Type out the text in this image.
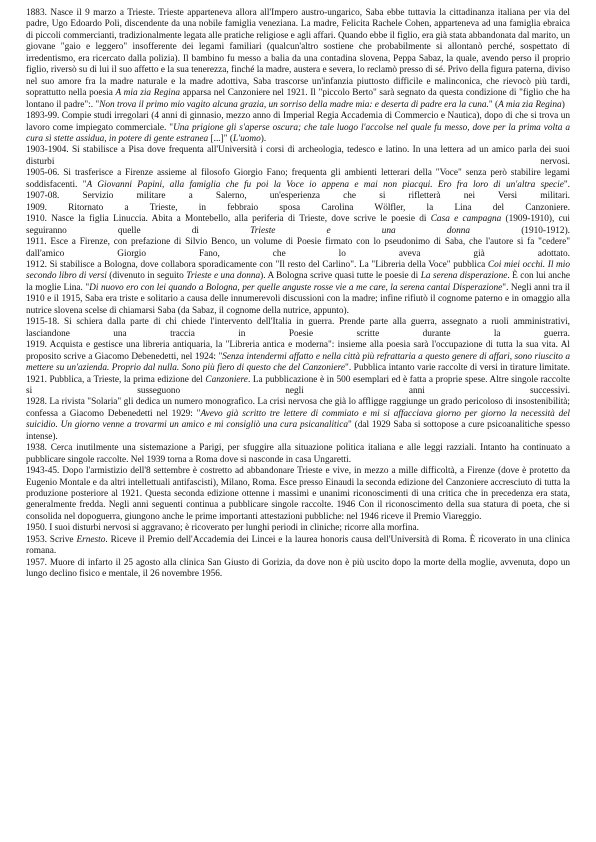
1883. Nasce il 9 marzo a Trieste. Trieste apparteneva allora all'Impero austro-ungarico, Saba ebbe tuttavia la cittadinanza italiana per via del padre, Ugo Edoardo Poli, discendente da una nobile famiglia veneziana. La madre, Felicita Rachele Cohen, apparteneva ad una famiglia ebraica di piccoli commercianti, tradizionalmente legata alle pratiche religiose e agli affari. Quando ebbe il figlio, era già stata abbandonata dal marito, un giovane "gaio e leggero" insofferente dei legami familiari (qualcun'altro sostiene che probabilmente si allontanò perché, sospettato di irredentismo, era ricercato dalla polizia). Il bambino fu messo a balia da una contadina slovena, Peppa Sabaz, la quale, avendo perso il proprio figlio, riversò su di lui il suo affetto e la sua tenerezza, finché la madre, austera e severa, lo reclamò presso di sé. Privo della figura paterna, diviso nel suo amore fra la madre naturale e la madre adottiva, Saba trascorse un'infanzia piuttosto difficile e malinconica, che rievocò più tardi, soprattutto nella poesia A mia zia Regina apparsa nel Canzoniere nel 1921. Il "piccolo Berto" sarà segnato da questa condizione di "figlio che ha lontano il padre":. "Non trova il primo mio vagito alcuna grazia, un sorriso della madre mia: e deserta di padre era la cuna." (A mia zia Regina)

1893-99. Compie studi irregolari (4 anni di ginnasio, mezzo anno di Imperial Regia Accademia di Commercio e Nautica), dopo di che si trova un lavoro come impiegato commerciale. "Una prigione gli s'aperse oscura; che tale luogo l'accolse nel quale fu messo, dove per la prima volta a cura sì stette assidua, in potere di gente estranea [...]" (L'uomo).

1903-1904. Si stabilisce a Pisa dove frequenta all'Università i corsi di archeologia, tedesco e latino. In una lettera ad un amico parla dei suoi disturbi nervosi.

1905-06. Si trasferisce a Firenze assieme al filosofo Giorgio Fano; frequenta gli ambienti letterari della "Voce" senza però stabilire legami soddisfacenti. "A Giovanni Papini, alla famiglia che fu poi la Voce io appena e mai non piacqui. Ero fra loro di un'altra specie".

1907-08. Servizio militare a Salerno, un'esperienza che si rifletterà nei Versi militari.

1909. Ritornato a Trieste, in febbraio sposa Carolina Wölfler, la Lina del Canzoniere.

1910. Nasce la figlia Linuccia. Abita a Montebello, alla periferia di Trieste, dove scrive le poesie di Casa e campagna (1909-1910), cui seguiranno quelle di Trieste e una donna (1910-1912).

1911. Esce a Firenze, con prefazione di Silvio Benco, un volume di Poesie firmato con lo pseudonimo di Saba, che l'autore si fa "cedere" dall'amico Giorgio Fano, che lo aveva già adottato.

1912. Si stabilisce a Bologna, dove collabora sporadicamente con "Il resto del Carlino". La "Libreria della Voce" pubblica Coi miei occhi. Il mio secondo libro di versi (divenuto in seguito Trieste e una donna). A Bologna scrive quasi tutte le poesie di La serena disperazione. È con lui anche la moglie Lina. "Di nuovo ero con lei quando a Bologna, per quelle anguste rosse vie a me care, la serena cantai Disperazione". Negli anni tra il 1910 e il 1915, Saba era triste e solitario a causa delle innumerevoli discussioni con la madre; infine rifiutò il cognome paterno e in omaggio alla nutrice slovena scelse di chiamarsi Saba (da Sabaz, il cognome della nutrice, appunto).

1915-18. Si schiera dalla parte di chi chiede l'intervento dell'Italia in guerra. Prende parte alla guerra, assegnato a ruoli amministrativi, lasciandone una traccia in Poesie scritte durante la guerra.

1919. Acquista e gestisce una libreria antiquaria, la "Libreria antica e moderna": insieme alla poesia sarà l'occupazione di tutta la sua vita. Al proposito scrive a Giacomo Debenedetti, nel 1924: "Senza intendermi affatto e nella città più refrattaria a questo genere di affari, sono riuscito a mettere su un'azienda. Proprio dal nulla. Sono più fiero di questo che del Canzoniere". Pubblica intanto varie raccolte di versi in tirature limitate.

1921. Pubblica, a Trieste, la prima edizione del Canzoniere. La pubblicazione è in 500 esemplari ed è fatta a proprie spese. Altre singole raccolte si susseguono negli anni successivi.

1928. La rivista "Solaria" gli dedica un numero monografico. La crisi nervosa che già lo affligge raggiunge un grado pericoloso di insostenibilità; confessa a Giacomo Debenedetti nel 1929: "Avevo già scritto tre lettere di commiato e mi si affacciava giorno per giorno la necessità del suicidio. Un giorno venne a trovarmi un amico e mi consigliò una cura psicanalitica" (dal 1929 Saba si sottopose a cure psicoanalitiche spesso intense).

1938. Cerca inutilmente una sistemazione a Parigi, per sfuggire alla situazione politica italiana e alle leggi razziali. Intanto ha continuato a pubblicare singole raccolte. Nel 1939 torna a Roma dove si nasconde in casa Ungaretti.

1943-45. Dopo l'armistizio dell'8 settembre è costretto ad abbandonare Trieste e vive, in mezzo a mille difficoltà, a Firenze (dove è protetto da Eugenio Montale e da altri intellettuali antifascisti), Milano, Roma. Esce presso Einaudi la seconda edizione del Canzoniere accresciuto di tutta la produzione posteriore al 1921. Questa seconda edizione ottenne i massimi e unanimi riconoscimenti di una critica che in precedenza era stata, generalmente fredda. Negli anni seguenti continua a pubblicare singole raccolte. 1946 Con il riconoscimento della sua statura di poeta, che si consolida nel dopoguerra, giungono anche le prime importanti attestazioni pubbliche: nel 1946 riceve il Premio Viareggio.

1950. I suoi disturbi nervosi si aggravano; è ricoverato per lunghi periodi in cliniche; ricorre alla morfina.

1953. Scrive Ernesto. Riceve il Premio dell'Accademia dei Lincei e la laurea honoris causa dell'Università di Roma. È ricoverato in una clinica romana.

1957. Muore di infarto il 25 agosto alla clinica San Giusto di Gorizia, da dove non è più uscito dopo la morte della moglie, avvenuta, dopo un lungo declino fisico e mentale, il 26 novembre 1956.
